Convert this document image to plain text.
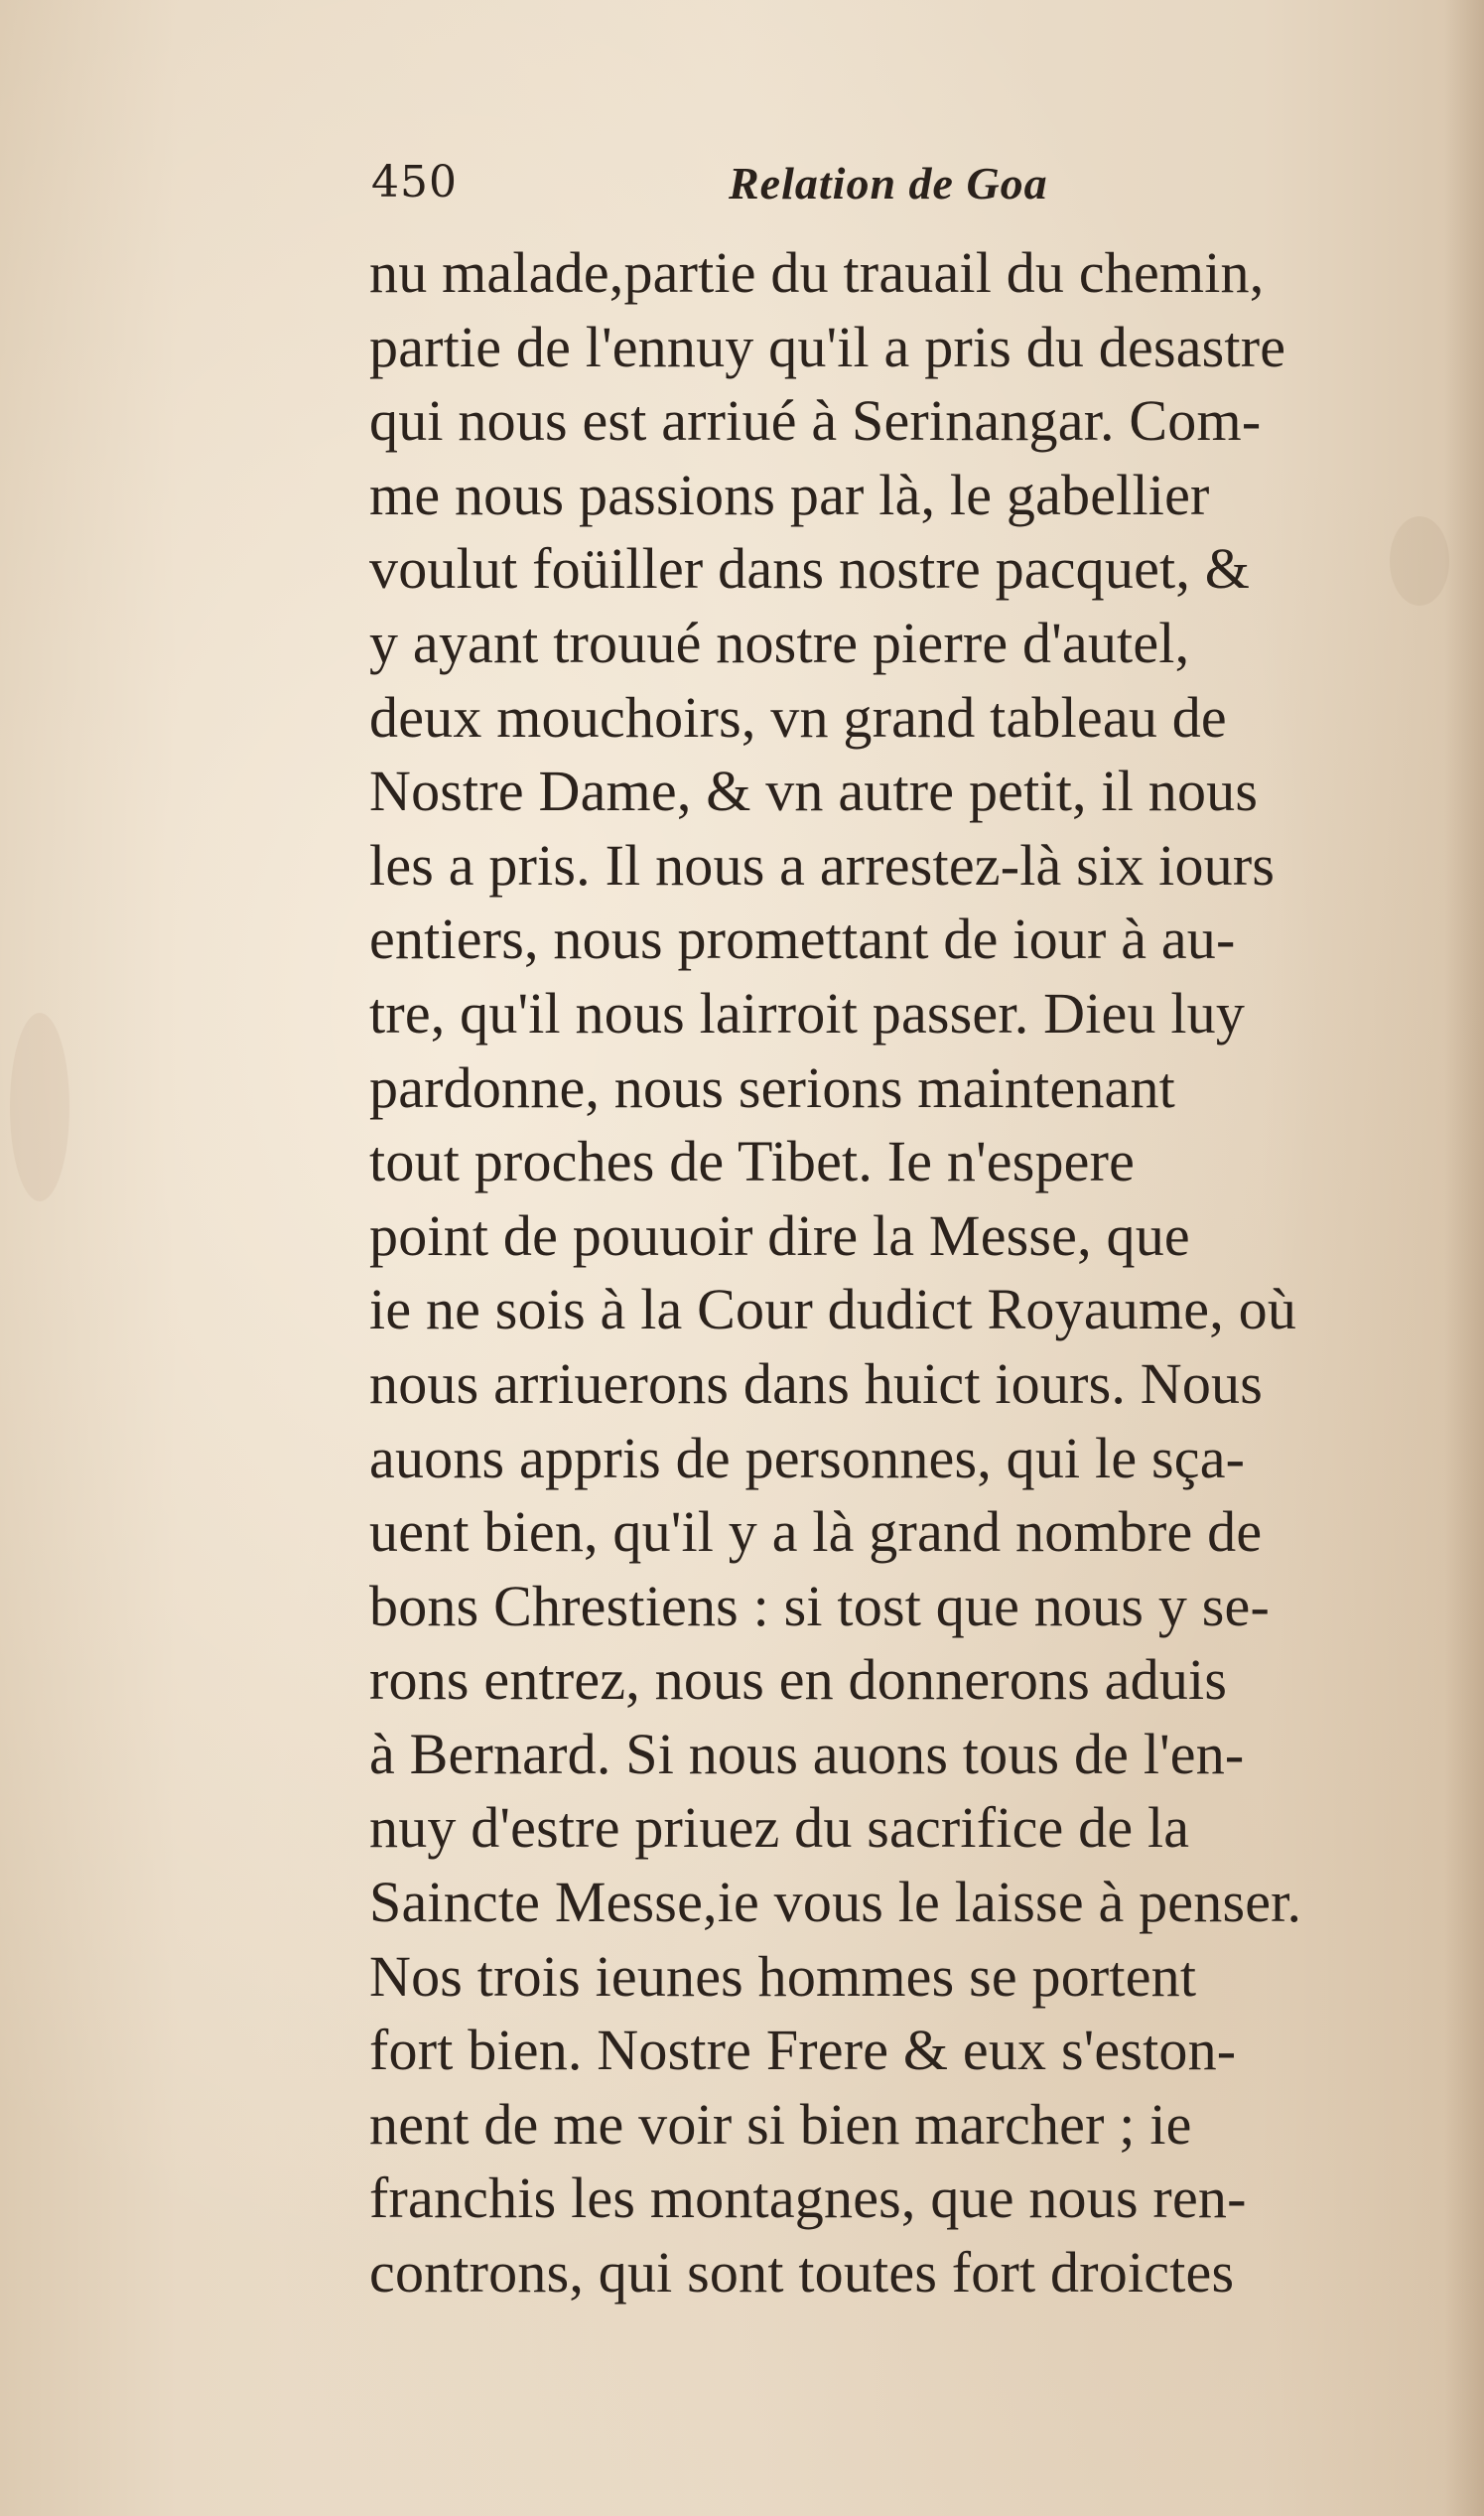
450	Relation de Goa
nu malade,partie du trauail du chemin,
partie de l'ennuy qu'il a pris du desastre
qui nous est arriué à Serinangar. Com-
me nous passions par là, le gabellier
voulut foüiller dans nostre pacquet, &
y ayant trouué nostre pierre d'autel,
deux mouchoirs, vn grand tableau de
Nostre Dame, & vn autre petit, il nous
les a pris. Il nous a arrestez-là six iours
entiers, nous promettant de iour à au-
tre, qu'il nous lairroit passer. Dieu luy
pardonne, nous serions maintenant
tout proches de Tibet. Ie n'espere
point de pouuoir dire la Messe, que
ie ne sois à la Cour dudict Royaume, où
nous arriuerons dans huict iours. Nous
auons appris de personnes, qui le sça-
uent bien, qu'il y a là grand nombre de
bons Chrestiens : si tost que nous y se-
rons entrez, nous en donnerons aduis
à Bernard. Si nous auons tous de l'en-
nuy d'estre priuez du sacrifice de la
Saincte Messe,ie vous le laisse à penser.
Nos trois ieunes hommes se portent
fort bien. Nostre Frere & eux s'eston-
nent de me voir si bien marcher ; ie
franchis les montagnes, que nous ren-
controns, qui sont toutes fort droictes
